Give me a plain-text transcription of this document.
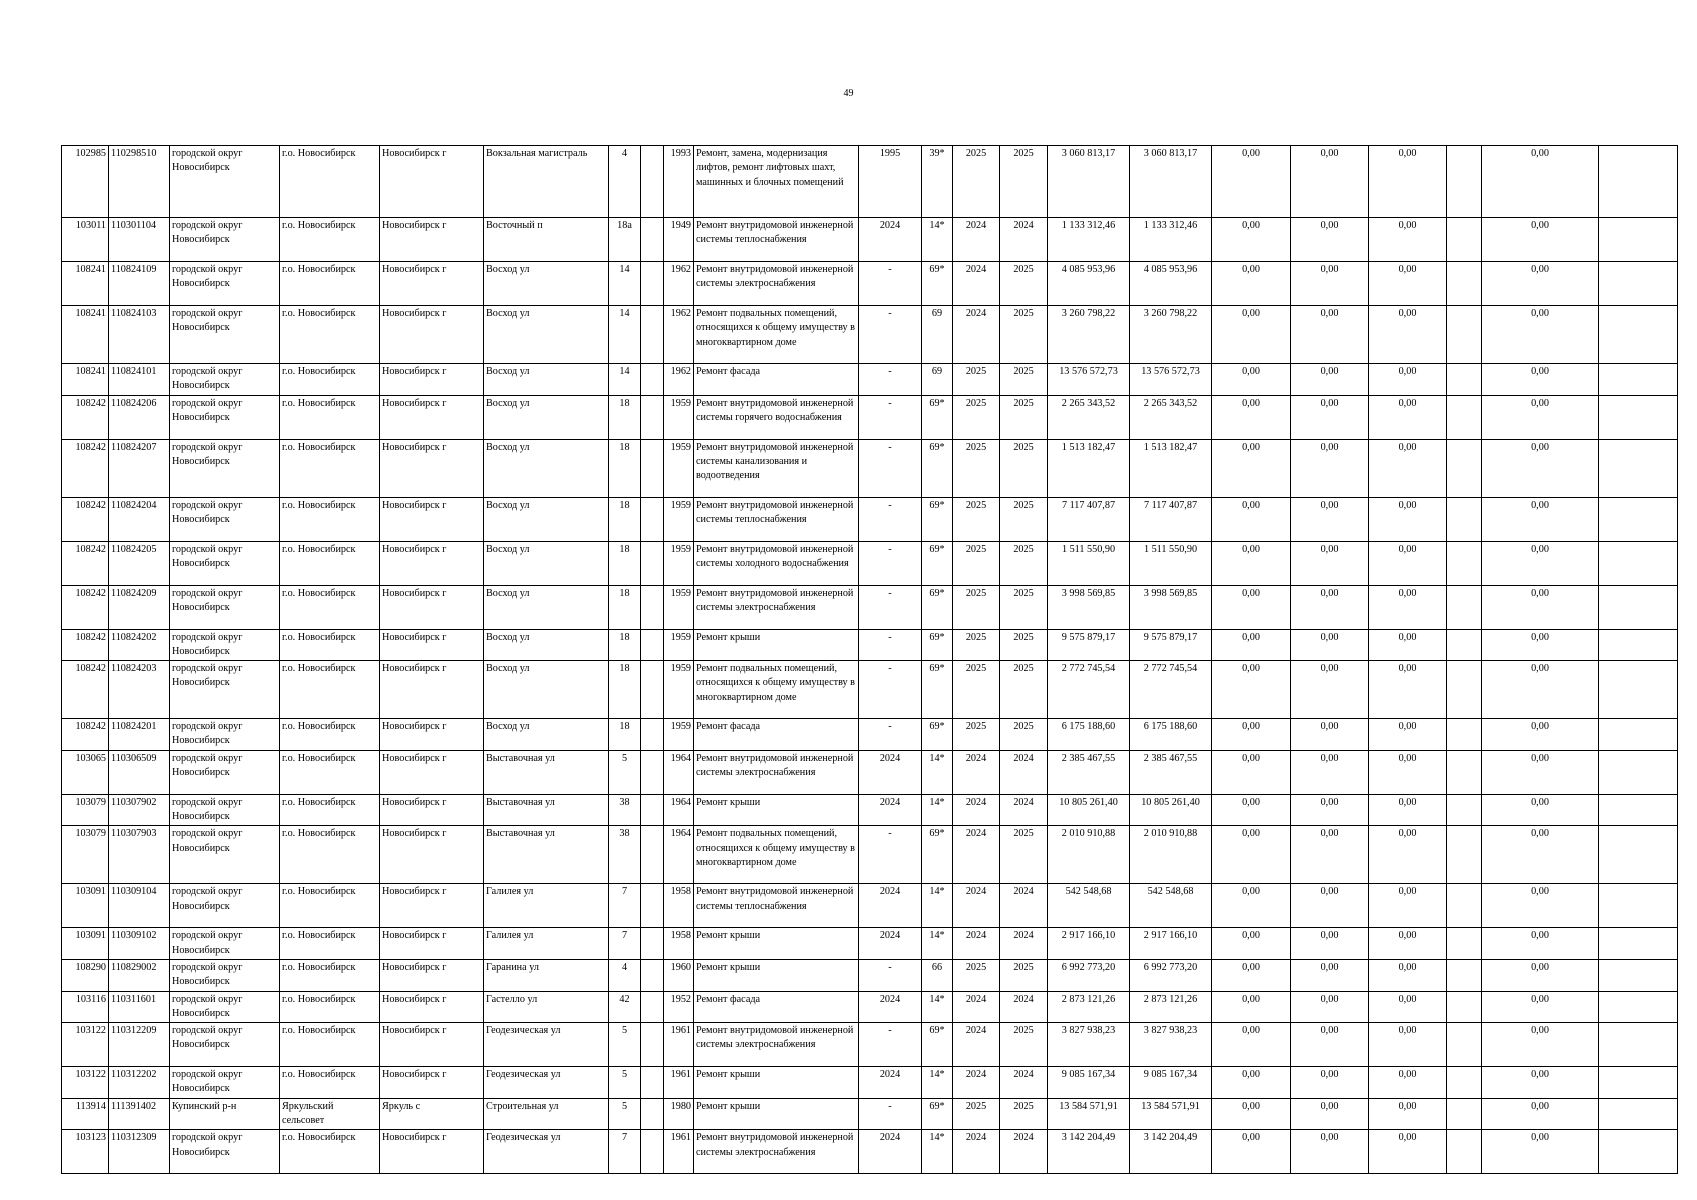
49
102985	110298510	городской округ Новосибирск	г.о. Новосибирск	Новосибирск г	Вокзальная магистраль	4		1993	Ремонт, замена, модернизация лифтов, ремонт лифтовых шахт, машинных и блочных помещений	1995	39*	2025	2025	3 060 813,17	3 060 813,17	0,00	0,00	0,00		0,00	
103011	110301104	городской округ Новосибирск	г.о. Новосибирск	Новосибирск г	Восточный п	18а		1949	Ремонт внутридомовой инженерной системы теплоснабжения	2024	14*	2024	2024	1 133 312,46	1 133 312,46	0,00	0,00	0,00		0,00	
108241	110824109	городской округ Новосибирск	г.о. Новосибирск	Новосибирск г	Восход ул	14		1962	Ремонт внутридомовой инженерной системы электроснабжения	-	69*	2024	2025	4 085 953,96	4 085 953,96	0,00	0,00	0,00		0,00	
108241	110824103	городской округ Новосибирск	г.о. Новосибирск	Новосибирск г	Восход ул	14		1962	Ремонт подвальных помещений, относящихся к общему имуществу в многоквартирном доме	-	69	2024	2025	3 260 798,22	3 260 798,22	0,00	0,00	0,00		0,00	
108241	110824101	городской округ Новосибирск	г.о. Новосибирск	Новосибирск г	Восход ул	14		1962	Ремонт фасада	-	69	2025	2025	13 576 572,73	13 576 572,73	0,00	0,00	0,00		0,00	
108242	110824206	городской округ Новосибирск	г.о. Новосибирск	Новосибирск г	Восход ул	18		1959	Ремонт внутридомовой инженерной системы горячего водоснабжения	-	69*	2025	2025	2 265 343,52	2 265 343,52	0,00	0,00	0,00		0,00	
108242	110824207	городской округ Новосибирск	г.о. Новосибирск	Новосибирск г	Восход ул	18		1959	Ремонт внутридомовой инженерной системы канализования и водоотведения	-	69*	2025	2025	1 513 182,47	1 513 182,47	0,00	0,00	0,00		0,00	
108242	110824204	городской округ Новосибирск	г.о. Новосибирск	Новосибирск г	Восход ул	18		1959	Ремонт внутридомовой инженерной системы теплоснабжения	-	69*	2025	2025	7 117 407,87	7 117 407,87	0,00	0,00	0,00		0,00	
108242	110824205	городской округ Новосибирск	г.о. Новосибирск	Новосибирск г	Восход ул	18		1959	Ремонт внутридомовой инженерной системы холодного водоснабжения	-	69*	2025	2025	1 511 550,90	1 511 550,90	0,00	0,00	0,00		0,00	
108242	110824209	городской округ Новосибирск	г.о. Новосибирск	Новосибирск г	Восход ул	18		1959	Ремонт внутридомовой инженерной системы электроснабжения	-	69*	2025	2025	3 998 569,85	3 998 569,85	0,00	0,00	0,00		0,00	
108242	110824202	городской округ Новосибирск	г.о. Новосибирск	Новосибирск г	Восход ул	18		1959	Ремонт крыши	-	69*	2025	2025	9 575 879,17	9 575 879,17	0,00	0,00	0,00		0,00	
108242	110824203	городской округ Новосибирск	г.о. Новосибирск	Новосибирск г	Восход ул	18		1959	Ремонт подвальных помещений, относящихся к общему имуществу в многоквартирном доме	-	69*	2025	2025	2 772 745,54	2 772 745,54	0,00	0,00	0,00		0,00	
108242	110824201	городской округ Новосибирск	г.о. Новосибирск	Новосибирск г	Восход ул	18		1959	Ремонт фасада	-	69*	2025	2025	6 175 188,60	6 175 188,60	0,00	0,00	0,00		0,00	
103065	110306509	городской округ Новосибирск	г.о. Новосибирск	Новосибирск г	Выставочная ул	5		1964	Ремонт внутридомовой инженерной системы электроснабжения	2024	14*	2024	2024	2 385 467,55	2 385 467,55	0,00	0,00	0,00		0,00	
103079	110307902	городской округ Новосибирск	г.о. Новосибирск	Новосибирск г	Выставочная ул	38		1964	Ремонт крыши	2024	14*	2024	2024	10 805 261,40	10 805 261,40	0,00	0,00	0,00		0,00	
103079	110307903	городской округ Новосибирск	г.о. Новосибирск	Новосибирск г	Выставочная ул	38		1964	Ремонт подвальных помещений, относящихся к общему имуществу в многоквартирном доме	-	69*	2024	2025	2 010 910,88	2 010 910,88	0,00	0,00	0,00		0,00	
103091	110309104	городской округ Новосибирск	г.о. Новосибирск	Новосибирск г	Галилея ул	7		1958	Ремонт внутридомовой инженерной системы теплоснабжения	2024	14*	2024	2024	542 548,68	542 548,68	0,00	0,00	0,00		0,00	
103091	110309102	городской округ Новосибирск	г.о. Новосибирск	Новосибирск г	Галилея ул	7		1958	Ремонт крыши	2024	14*	2024	2024	2 917 166,10	2 917 166,10	0,00	0,00	0,00		0,00	
108290	110829002	городской округ Новосибирск	г.о. Новосибирск	Новосибирск г	Гаранина ул	4		1960	Ремонт крыши	-	66	2025	2025	6 992 773,20	6 992 773,20	0,00	0,00	0,00		0,00	
103116	110311601	городской округ Новосибирск	г.о. Новосибирск	Новосибирск г	Гастелло ул	42		1952	Ремонт фасада	2024	14*	2024	2024	2 873 121,26	2 873 121,26	0,00	0,00	0,00		0,00	
103122	110312209	городской округ Новосибирск	г.о. Новосибирск	Новосибирск г	Геодезическая ул	5		1961	Ремонт внутридомовой инженерной системы электроснабжения	-	69*	2024	2025	3 827 938,23	3 827 938,23	0,00	0,00	0,00		0,00	
103122	110312202	городской округ Новосибирск	г.о. Новосибирск	Новосибирск г	Геодезическая ул	5		1961	Ремонт крыши	2024	14*	2024	2024	9 085 167,34	9 085 167,34	0,00	0,00	0,00		0,00	
113914	111391402	Купинский р-н	Яркульский сельсовет	Яркуль с	Строительная ул	5		1980	Ремонт крыши	-	69*	2025	2025	13 584 571,91	13 584 571,91	0,00	0,00	0,00		0,00	
103123	110312309	городской округ Новосибирск	г.о. Новосибирск	Новосибирск г	Геодезическая ул	7		1961	Ремонт внутридомовой инженерной системы электроснабжения	2024	14*	2024	2024	3 142 204,49	3 142 204,49	0,00	0,00	0,00		0,00	
